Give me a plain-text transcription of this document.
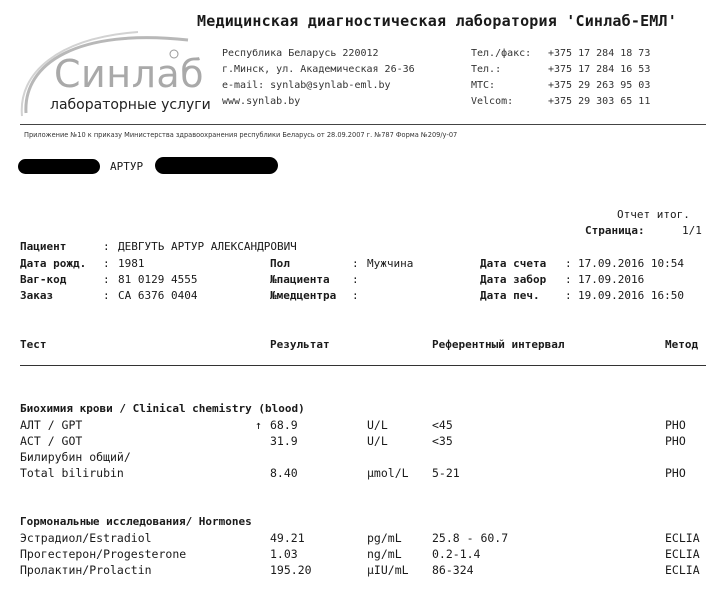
Медицинская диагностическая лаборатория 'Синлаб-ЕМЛ'
Синлаб
лабораторные услуги
Республика Беларусь 220012
г.Минск, ул. Академическая 26-36
e-mail: synlab@synlab-eml.by
www.synlab.by
Тел./факс: +375 17 284 18 73
Тел.:	+375 17 284 16 53
МТС:	+375 29 263 95 03
Velcom:	+375 29 303 65 11
Приложение №10 к приказу Министерства здравоохранения республики Беларусь от 28.09.2007 г. №787 Форма №209/у-07
АРТУР
Отчет итог.
Страница:	1/1
Пациент	: ДЕВГУТЬ АРТУР АЛЕКСАНДРОВИЧ
Дата рожд. : 1981	Пол	: Мужчина	Дата счета : 17.09.2016 10:54
Ваг-код	: 81 0129 4555	№пациента :	Дата забор : 17.09.2016
Заказ	: СА 6376 0404	№медцентра :	Дата печ. : 19.09.2016 16:50
Тест	Результат	Референтный интервал	Метод
Биохимия крови / Clinical chemistry (blood)
АЛТ / GPT	↑ 68.9	U/L	<45	PHO
АСТ / GOT	31.9	U/L	<35	PHO
Билирубин общий/
Total bilirubin	8.40	µmol/L 5-21	PHO
Гормональные исследования/ Hormones
Эстрадиол/Estradiol	49.21	pg/mL	25.8 - 60.7	ECLIA
Прогестерон/Progesterone	1.03	ng/mL	0.2-1.4	ECLIA
Пролактин/Prolactin	195.20	µIU/mL 86-324	ECLIA
